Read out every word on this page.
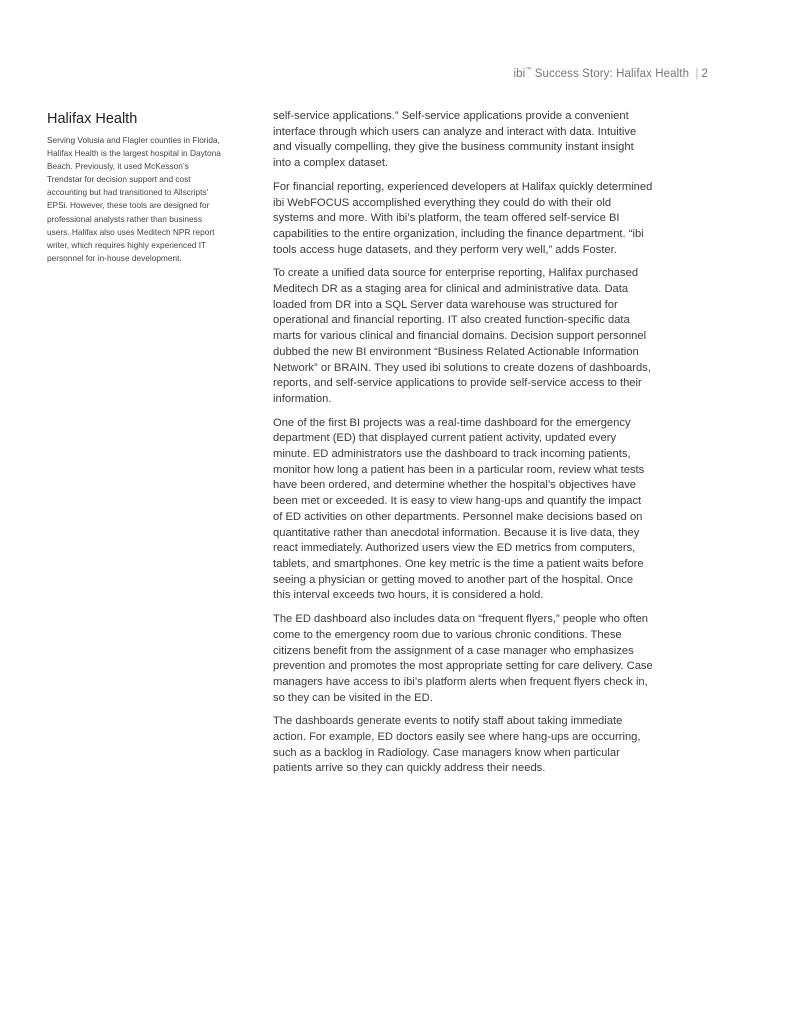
ibi™ Success Story: Halifax Health | 2
Halifax Health

Serving Volusia and Flagler counties in Florida, Halifax Health is the largest hospital in Daytona Beach. Previously, it used McKesson’s Trendstar for decision support and cost accounting but had transitioned to Allscripts’ EPSi. However, these tools are designed for professional analysts rather than business users. Halifax also uses Meditech NPR report writer, which requires highly experienced IT personnel for in-house development.

self-service applications.” Self-service applications provide a convenient interface through which users can analyze and interact with data. Intuitive and visually compelling, they give the business community instant insight into a complex dataset.

For financial reporting, experienced developers at Halifax quickly determined ibi WebFOCUS accomplished everything they could do with their old systems and more. With ibi’s platform, the team offered self-service BI capabilities to the entire organization, including the finance department. “ibi tools access huge datasets, and they perform very well,” adds Foster.

To create a unified data source for enterprise reporting, Halifax purchased Meditech DR as a staging area for clinical and administrative data. Data loaded from DR into a SQL Server data warehouse was structured for operational and financial reporting. IT also created function-specific data marts for various clinical and financial domains. Decision support personnel dubbed the new BI environment “Business Related Actionable Information Network” or BRAIN. They used ibi solutions to create dozens of dashboards, reports, and self-service applications to provide self-service access to their information.

One of the first BI projects was a real-time dashboard for the emergency department (ED) that displayed current patient activity, updated every minute. ED administrators use the dashboard to track incoming patients, monitor how long a patient has been in a particular room, review what tests have been ordered, and determine whether the hospital’s objectives have been met or exceeded. It is easy to view hang-ups and quantify the impact of ED activities on other departments. Personnel make decisions based on quantitative rather than anecdotal information. Because it is live data, they react immediately. Authorized users view the ED metrics from computers, tablets, and smartphones. One key metric is the time a patient waits before seeing a physician or getting moved to another part of the hospital. Once this interval exceeds two hours, it is considered a hold.

The ED dashboard also includes data on “frequent flyers,” people who often come to the emergency room due to various chronic conditions. These citizens benefit from the assignment of a case manager who emphasizes prevention and promotes the most appropriate setting for care delivery. Case managers have access to ibi’s platform alerts when frequent flyers check in, so they can be visited in the ED.

The dashboards generate events to notify staff about taking immediate action. For example, ED doctors easily see where hang-ups are occurring, such as a backlog in Radiology. Case managers know when particular patients arrive so they can quickly address their needs.
